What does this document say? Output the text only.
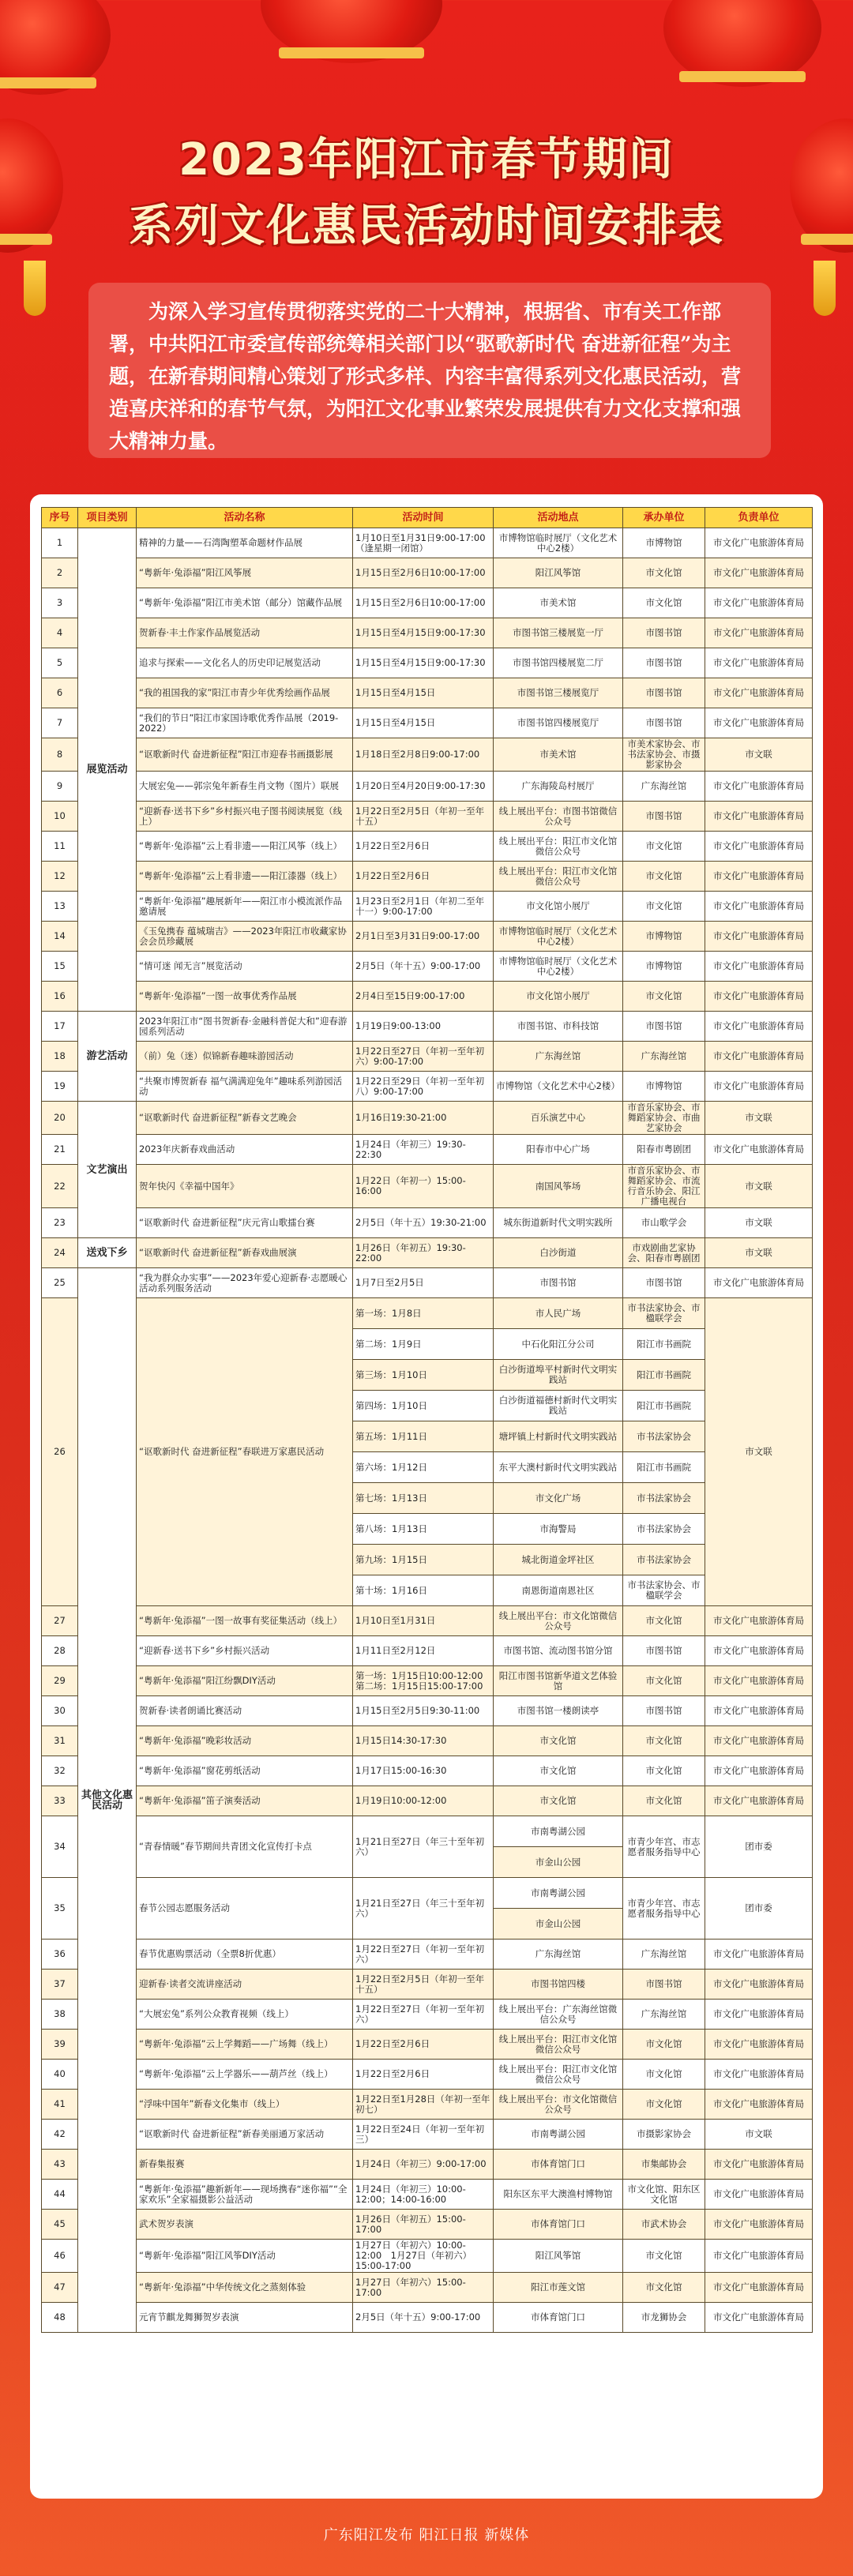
2023年阳江市春节期间
系列文化惠民活动时间安排表
为深入学习宣传贯彻落实党的二十大精神，根据省、市有关工作部署，中共阳江市委宣传部统筹相关部门以“驱歌新时代 奋进新征程”为主题，在新春期间精心策划了形式多样、内容丰富得系列文化惠民活动，营造喜庆祥和的春节气氛，为阳江文化事业繁荣发展提供有力文化支撑和强大精神力量。
序号	项目类别	活动名称	活动时间	活动地点	承办单位	负责单位
1	展览活动	精神的力量——石湾陶塑革命题材作品展	1月10日至1月31日9:00-17:00（逢星期一闭馆）	市博物馆临时展厅（文化艺术中心2楼）	市博物馆	市文化广电旅游体育局
2		“粤新年·兔添福”阳江风筝展	1月15日至2月6日10:00-17:00	阳江风筝馆	市文化馆	市文化广电旅游体育局
3		“粤新年·兔添福”阳江市美术馆（邮分）馆藏作品展	1月15日至2月6日10:00-17:00	市美术馆	市文化馆	市文化广电旅游体育局
4		贺新春·丰土作家作品展览活动	1月15日至4月15日9:00-17:30	市图书馆三楼展览一厅	市图书馆	市文化广电旅游体育局
5		追求与探索——文化名人的历史印记展览活动	1月15日至4月15日9:00-17:30	市图书馆四楼展览二厅	市图书馆	市文化广电旅游体育局
6		“我的祖国我的家”阳江市青少年优秀绘画作品展	1月15日至4月15日	市图书馆三楼展览厅	市图书馆	市文化广电旅游体育局
7		“我们的节日”阳江市家国诗歌优秀作品展（2019-2022）	1月15日至4月15日	市图书馆四楼展览厅	市图书馆	市文化广电旅游体育局
8		“讴歌新时代 奋进新征程”阳江市迎春书画摄影展	1月18日至2月8日9:00-17:00	市美术馆	市美术家协会、市书法家协会、市摄影家协会	市文联
9		大展宏兔——郭宗兔年新春生肖文物（图片）联展	1月20日至4月20日9:00-17:30	广东海陵岛村展厅	广东海丝馆	市文化广电旅游体育局
10		“迎新春·送书下乡”乡村振兴电子图书阅读展览（线上）	1月22日至2月5日（年初一至年十五）	线上展出平台：市图书馆微信公众号	市图书馆	市文化广电旅游体育局
11		“粤新年·兔添福”云上看非遗——阳江风筝（线上）	1月22日至2月6日	线上展出平台：阳江市文化馆微信公众号	市文化馆	市文化广电旅游体育局
12		“粤新年·兔添福”云上看非遗——阳江漆器（线上）	1月22日至2月6日	线上展出平台：阳江市文化馆微信公众号	市文化馆	市文化广电旅游体育局
13		“粤新年·兔添福”趣展新年——阳江市小模流派作品邀请展	1月23日至2月1日（年初二至年十一）9:00-17:00	市文化馆小展厅	市文化馆	市文化广电旅游体育局
14		《玉兔携春 蕴城瑞吉》——2023年阳江市收藏家协会会员珍藏展	2月1日至3月31日9:00-17:00	市博物馆临时展厅（文化艺术中心2楼）	市博物馆	市文化广电旅游体育局
15		“情可迷 闻无言”展览活动	2月5日（年十五）9:00-17:00	市博物馆临时展厅（文化艺术中心2楼）	市博物馆	市文化广电旅游体育局
16		“粤新年·兔添福”一图一故事优秀作品展	2月4日至15日9:00-17:00	市文化馆小展厅	市文化馆	市文化广电旅游体育局
17	游艺活动	2023年阳江市“图书贺新春·金融科普促大和”迎春游园系列活动	1月19日9:00-13:00	市图书馆、市科技馆	市图书馆	市文化广电旅游体育局
18		（前）兔（迷）似锦新春趣味游园活动	1月22日至27日（年初一至年初六）9:00-17:00	广东海丝馆	广东海丝馆	市文化广电旅游体育局
19		“共聚市博贺新春 福气满满迎兔年”趣味系列游园活动	1月22日至29日（年初一至年初八）9:00-17:00	市博物馆（文化艺术中心2楼）	市博物馆	市文化广电旅游体育局
20	文艺演出	“讴歌新时代 奋进新征程”新春文艺晚会	1月16日19:30-21:00	百乐演艺中心	市音乐家协会、市舞蹈家协会、市曲艺家协会	市文联
21		2023年庆新春戏曲活动	1月24日（年初三）19:30-22:30	阳春市中心广场	阳春市粤剧团	市文化广电旅游体育局
22		贺年快闪《幸福中国年》	1月22日（年初一）15:00-16:00	南国风筝场	市音乐家协会、市舞蹈家协会、市流行音乐协会、阳江广播电视台	市文联
23		“讴歌新时代 奋进新征程”庆元宵山歌擂台赛	2月5日（年十五）19:30-21:00	城东街道新时代文明实践所	市山歌学会	市文联
24	送戏下乡	“讴歌新时代 奋进新征程”新春戏曲展演	1月26日（年初五）19:30-22:00	白沙街道	市戏剧曲艺家协会、阳春市粤剧团	市文联
25	其他文化惠民活动	“我为群众办实事”——2023年爱心迎新春·志愿暖心活动系列服务活动	1月7日至2月5日	市图书馆	市图书馆	市文化广电旅游体育局
26		“讴歌新时代 奋进新征程”春联进万家惠民活动	第一场：1月8日	市人民广场	市书法家协会、市楹联学会	市文联
			第二场：1月9日	中石化阳江分公司	阳江市书画院	
			第三场：1月10日	白沙街道埠平村新时代文明实践站	阳江市书画院	
			第四场：1月10日	白沙街道福德村新时代文明实践站	阳江市书画院	
			第五场：1月11日	塘坪镇上村新时代文明实践站	市书法家协会	
			第六场：1月12日	东平大澳村新时代文明实践站	阳江市书画院	
			第七场：1月13日	市文化广场	市书法家协会	
			第八场：1月13日	市海警局	市书法家协会	
			第九场：1月15日	城北街道金坪社区	市书法家协会	
			第十场：1月16日	南恩街道南恩社区	市书法家协会、市楹联学会	
27		“粤新年·兔添福”一图一故事有奖征集活动（线上）	1月10日至1月31日	线上展出平台：市文化馆微信公众号	市文化馆	市文化广电旅游体育局
28		“迎新春·送书下乡”乡村振兴活动	1月11日至2月12日	市图书馆、流动图书馆分馆	市图书馆	市文化广电旅游体育局
29		“粤新年·兔添福”阳江纷飘DIY活动	第一场：1月15日10:00-12:00　第二场：1月15日15:00-17:00	阳江市图书馆新华道文艺体验馆	市文化馆	市文化广电旅游体育局
30		贺新春·读者朗诵比赛活动	1月15日至2月5日9:30-11:00	市图书馆一楼朗读亭	市图书馆	市文化广电旅游体育局
31		“粤新年·兔添福”晚彩妆活动	1月15日14:30-17:30	市文化馆	市文化馆	市文化广电旅游体育局
32		“粤新年·兔添福”窗花剪纸活动	1月17日15:00-16:30	市文化馆	市文化馆	市文化广电旅游体育局
33		“粤新年·兔添福”笛子演奏活动	1月19日10:00-12:00	市文化馆	市文化馆	市文化广电旅游体育局
34		“青春情暖”春节期间共青团文化宣传打卡点	1月21日至27日（年三十至年初六）	市南粤湖公园	市青少年宫、市志愿者服务指导中心	团市委
				市金山公园		
35		春节公园志愿服务活动	1月21日至27日（年三十至年初六）	市南粤湖公园	市青少年宫、市志愿者服务指导中心	团市委
				市金山公园		
36		春节优惠购票活动（全票8折优惠）	1月22日至27日（年初一至年初六）	广东海丝馆	广东海丝馆	市文化广电旅游体育局
37		迎新春·读者交流讲座活动	1月22日至2月5日（年初一至年十五）	市图书馆四楼	市图书馆	市文化广电旅游体育局
38		“大展宏兔”系列公众教育视频（线上）	1月22日至27日（年初一至年初六）	线上展出平台：广东海丝馆微信公众号	广东海丝馆	市文化广电旅游体育局
39		“粤新年·兔添福”云上学舞蹈——广场舞（线上）	1月22日至2月6日	线上展出平台：阳江市文化馆微信公众号	市文化馆	市文化广电旅游体育局
40		“粤新年·兔添福”云上学器乐——葫芦丝（线上）	1月22日至2月6日	线上展出平台：阳江市文化馆微信公众号	市文化馆	市文化广电旅游体育局
41		“浮味中国年”新春文化集市（线上）	1月22日至1月28日（年初一至年初七）	线上展出平台：市文化馆微信公众号	市文化馆	市文化广电旅游体育局
42		“讴歌新时代 奋进新征程”新春美丽通万家活动	1月22日至24日（年初一至年初三）	市南粤湖公园	市摄影家协会	市文联
43		新春集报赛	1月24日（年初三）9:00-17:00	市体育馆门口	市集邮协会	市文化广电旅游体育局
44		“粤新年·兔添福”趣新新年——现场携春“迷你福”“全家欢乐”全家福摄影公益活动	1月24日（年初三）10:00-12:00；14:00-16:00	阳东区东平大澳渔村博物馆	市文化馆、阳东区文化馆	市文化广电旅游体育局
45		武术贺岁表演	1月26日（年初五）15:00-17:00	市体育馆门口	市武术协会	市文化广电旅游体育局
46		“粤新年·兔添福”阳江风筝DIY活动	1月27日（年初六）10:00-12:00　1月27日（年初六）15:00-17:00	阳江风筝馆	市文化馆	市文化广电旅游体育局
47		“粤新年·兔添福”中华传统文化之蒸刻体验	1月27日（年初六）15:00-17:00	阳江市莲文馆	市文化馆	市文化广电旅游体育局
48		元宵节麒龙舞狮贺岁表演	2月5日（年十五）9:00-17:00	市体育馆门口	市龙狮协会	市文化广电旅游体育局
广东阳江发布 阳江日报 新媒体
